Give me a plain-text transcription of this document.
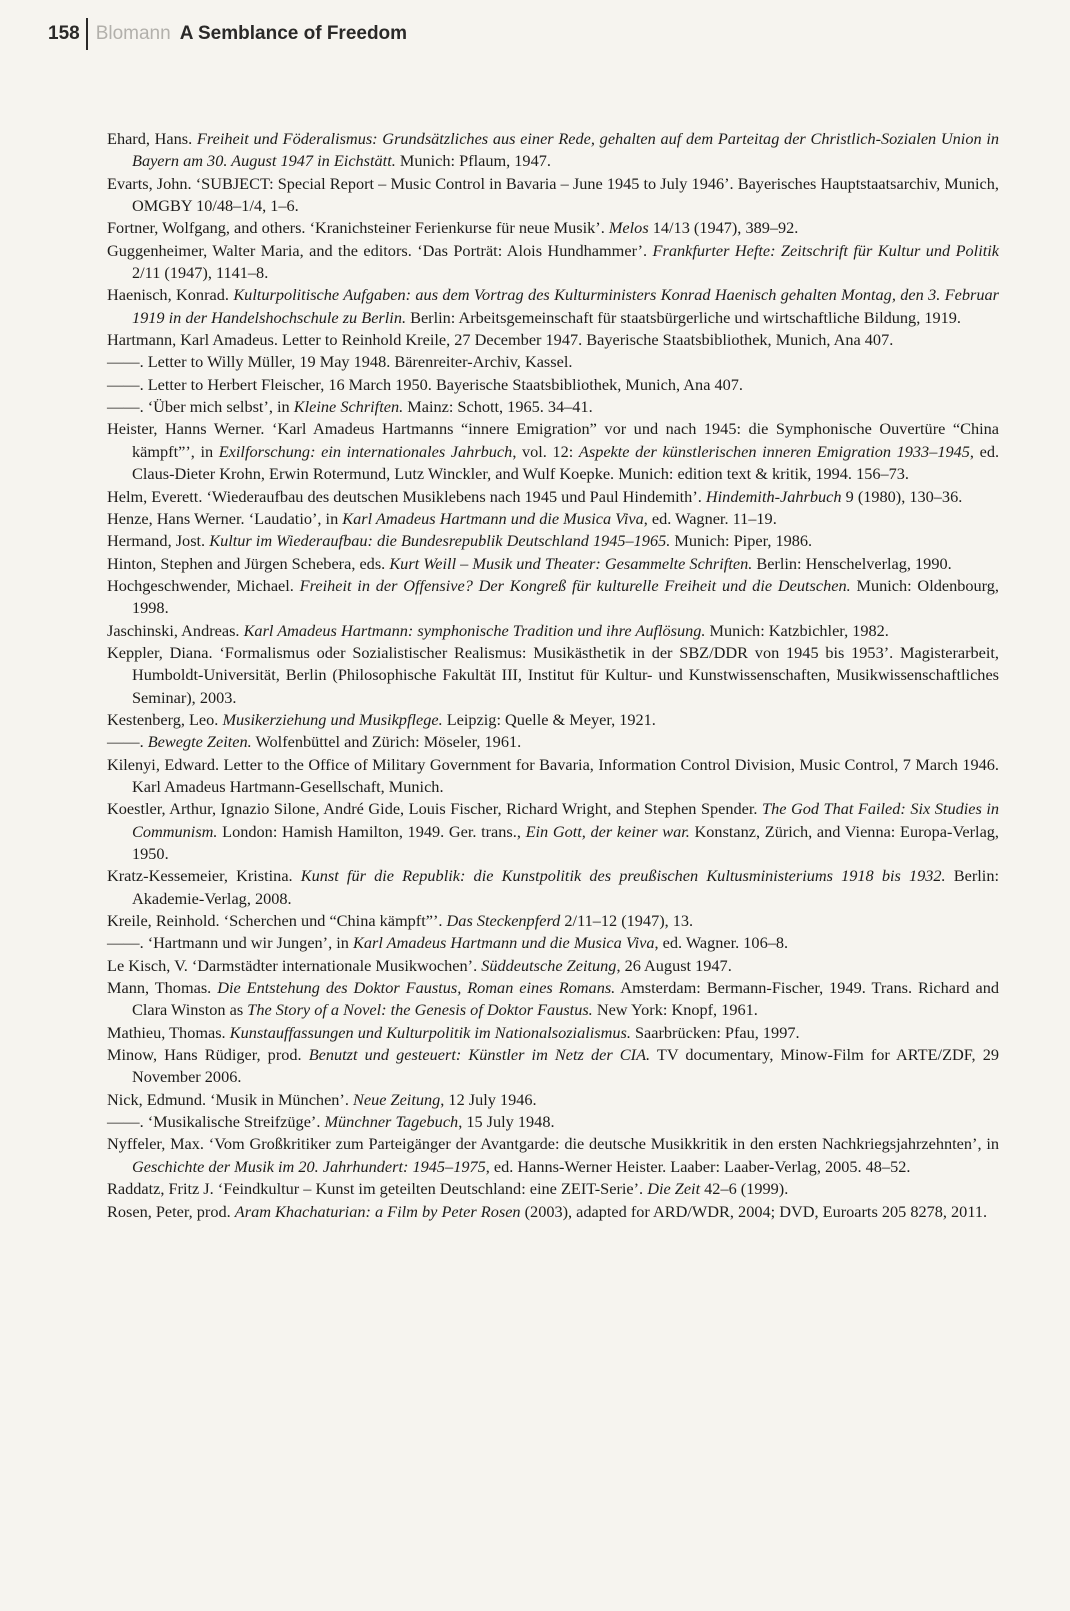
158 Blomann A Semblance of Freedom
Ehard, Hans. Freiheit und Föderalismus: Grundsätzliches aus einer Rede, gehalten auf dem Parteitag der Christlich-Sozialen Union in Bayern am 30. August 1947 in Eichstätt. Munich: Pflaum, 1947.
Evarts, John. ‘SUBJECT: Special Report – Music Control in Bavaria – June 1945 to July 1946’. Bayerisches Hauptstaatsarchiv, Munich, OMGBY 10/48–1/4, 1–6.
Fortner, Wolfgang, and others. ‘Kranichsteiner Ferienkurse für neue Musik’. Melos 14/13 (1947), 389–92.
Guggenheimer, Walter Maria, and the editors. ‘Das Porträt: Alois Hundhammer’. Frankfurter Hefte: Zeitschrift für Kultur und Politik 2/11 (1947), 1141–8.
Haenisch, Konrad. Kulturpolitische Aufgaben: aus dem Vortrag des Kulturministers Konrad Haenisch gehalten Montag, den 3. Februar 1919 in der Handelshochschule zu Berlin. Berlin: Arbeitsgemeinschaft für staatsbürgerliche und wirtschaftliche Bildung, 1919.
Hartmann, Karl Amadeus. Letter to Reinhold Kreile, 27 December 1947. Bayerische Staatsbibliothek, Munich, Ana 407.
——. Letter to Willy Müller, 19 May 1948. Bärenreiter-Archiv, Kassel.
——. Letter to Herbert Fleischer, 16 March 1950. Bayerische Staatsbibliothek, Munich, Ana 407.
——. ‘Über mich selbst’, in Kleine Schriften. Mainz: Schott, 1965. 34–41.
Heister, Hanns Werner. ‘Karl Amadeus Hartmanns “innere Emigration” vor und nach 1945: die Symphonische Ouvertüre “China kämpft”’, in Exilforschung: ein internationales Jahrbuch, vol. 12: Aspekte der künstlerischen inneren Emigration 1933–1945, ed. Claus-Dieter Krohn, Erwin Rotermund, Lutz Winckler, and Wulf Koepke. Munich: edition text & kritik, 1994. 156–73.
Helm, Everett. ‘Wiederaufbau des deutschen Musiklebens nach 1945 und Paul Hindemith’. Hindemith-Jahrbuch 9 (1980), 130–36.
Henze, Hans Werner. ‘Laudatio’, in Karl Amadeus Hartmann und die Musica Viva, ed. Wagner. 11–19.
Hermand, Jost. Kultur im Wiederaufbau: die Bundesrepublik Deutschland 1945–1965. Munich: Piper, 1986.
Hinton, Stephen and Jürgen Schebera, eds. Kurt Weill – Musik und Theater: Gesammelte Schriften. Berlin: Henschelverlag, 1990.
Hochgeschwender, Michael. Freiheit in der Offensive? Der Kongreß für kulturelle Freiheit und die Deutschen. Munich: Oldenbourg, 1998.
Jaschinski, Andreas. Karl Amadeus Hartmann: symphonische Tradition und ihre Auflösung. Munich: Katzbichler, 1982.
Keppler, Diana. ‘Formalismus oder Sozialistischer Realismus: Musikästhetik in der SBZ/DDR von 1945 bis 1953’. Magisterarbeit, Humboldt-Universität, Berlin (Philosophische Fakultät III, Institut für Kultur- und Kunstwissenschaften, Musikwissenschaftliches Seminar), 2003.
Kestenberg, Leo. Musikerziehung und Musikpflege. Leipzig: Quelle & Meyer, 1921.
——. Bewegte Zeiten. Wolfenbüttel and Zürich: Möseler, 1961.
Kilenyi, Edward. Letter to the Office of Military Government for Bavaria, Information Control Division, Music Control, 7 March 1946. Karl Amadeus Hartmann-Gesellschaft, Munich.
Koestler, Arthur, Ignazio Silone, André Gide, Louis Fischer, Richard Wright, and Stephen Spender. The God That Failed: Six Studies in Communism. London: Hamish Hamilton, 1949. Ger. trans., Ein Gott, der keiner war. Konstanz, Zürich, and Vienna: Europa-Verlag, 1950.
Kratz-Kessemeier, Kristina. Kunst für die Republik: die Kunstpolitik des preußischen Kultusministeriums 1918 bis 1932. Berlin: Akademie-Verlag, 2008.
Kreile, Reinhold. ‘Scherchen und “China kämpft”’. Das Steckenpferd 2/11–12 (1947), 13.
——. ‘Hartmann und wir Jungen’, in Karl Amadeus Hartmann und die Musica Viva, ed. Wagner. 106–8.
Le Kisch, V. ‘Darmstädter internationale Musikwochen’. Süddeutsche Zeitung, 26 August 1947.
Mann, Thomas. Die Entstehung des Doktor Faustus, Roman eines Romans. Amsterdam: Bermann-Fischer, 1949. Trans. Richard and Clara Winston as The Story of a Novel: the Genesis of Doktor Faustus. New York: Knopf, 1961.
Mathieu, Thomas. Kunstauffassungen und Kulturpolitik im Nationalsozialismus. Saarbrücken: Pfau, 1997.
Minow, Hans Rüdiger, prod. Benutzt und gesteuert: Künstler im Netz der CIA. TV documentary, Minow-Film for ARTE/ZDF, 29 November 2006.
Nick, Edmund. ‘Musik in München’. Neue Zeitung, 12 July 1946.
——. ‘Musikalische Streifzüge’. Münchner Tagebuch, 15 July 1948.
Nyffeler, Max. ‘Vom Großkritiker zum Parteigänger der Avantgarde: die deutsche Musikkritik in den ersten Nachkriegsjahrzehnten’, in Geschichte der Musik im 20. Jahrhundert: 1945–1975, ed. Hanns-Werner Heister. Laaber: Laaber-Verlag, 2005. 48–52.
Raddatz, Fritz J. ‘Feindkultur – Kunst im geteilten Deutschland: eine ZEIT-Serie’. Die Zeit 42–6 (1999).
Rosen, Peter, prod. Aram Khachaturian: a Film by Peter Rosen (2003), adapted for ARD/WDR, 2004; DVD, Euroarts 205 8278, 2011.
